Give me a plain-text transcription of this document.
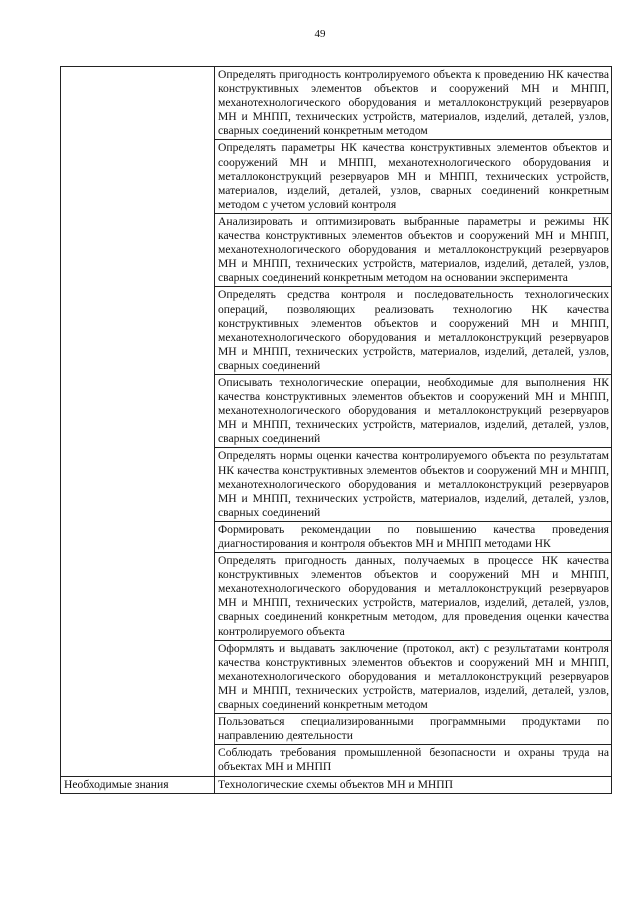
49
	Определять пригодность контролируемого объекта к проведению НК качества конструктивных элементов объектов и сооружений МН и МНПП, механотехнологического оборудования и металлоконструкций резервуаров МН и МНПП, технических устройств, материалов, изделий, деталей, узлов, сварных соединений конкретным методом
	Определять параметры НК качества конструктивных элементов объектов и сооружений МН и МНПП, механотехнологического оборудования и металлоконструкций резервуаров МН и МНПП, технических устройств, материалов, изделий, деталей, узлов, сварных соединений конкретным методом с учетом условий контроля
	Анализировать и оптимизировать выбранные параметры и режимы НК качества конструктивных элементов объектов и сооружений МН и МНПП, механотехнологического оборудования и металлоконструкций резервуаров МН и МНПП, технических устройств, материалов, изделий, деталей, узлов, сварных соединений конкретным методом на основании эксперимента
	Определять средства контроля и последовательность технологических операций, позволяющих реализовать технологию НК качества конструктивных элементов объектов и сооружений МН и МНПП, механотехнологического оборудования и металлоконструкций резервуаров МН и МНПП, технических устройств, материалов, изделий, деталей, узлов, сварных соединений
	Описывать технологические операции, необходимые для выполнения НК качества конструктивных элементов объектов и сооружений МН и МНПП, механотехнологического оборудования и металлоконструкций резервуаров МН и МНПП, технических устройств, материалов, изделий, деталей, узлов, сварных соединений
	Определять нормы оценки качества контролируемого объекта по результатам НК качества конструктивных элементов объектов и сооружений МН и МНПП, механотехнологического оборудования и металлоконструкций резервуаров МН и МНПП, технических устройств, материалов, изделий, деталей, узлов, сварных соединений
	Формировать рекомендации по повышению качества проведения диагностирования и контроля объектов МН и МНПП методами НК
	Определять пригодность данных, получаемых в процессе НК качества конструктивных элементов объектов и сооружений МН и МНПП, механотехнологического оборудования и металлоконструкций резервуаров МН и МНПП, технических устройств, материалов, изделий, деталей, узлов, сварных соединений конкретным методом, для проведения оценки качества контролируемого объекта
	Оформлять и выдавать заключение (протокол, акт) с результатами контроля качества конструктивных элементов объектов и сооружений МН и МНПП, механотехнологического оборудования и металлоконструкций резервуаров МН и МНПП, технических устройств, материалов, изделий, деталей, узлов, сварных соединений конкретным методом
	Пользоваться специализированными программными продуктами по направлению деятельности
	Соблюдать требования промышленной безопасности и охраны труда на объектах МН и МНПП
Необходимые знания	Технологические схемы объектов МН и МНПП
